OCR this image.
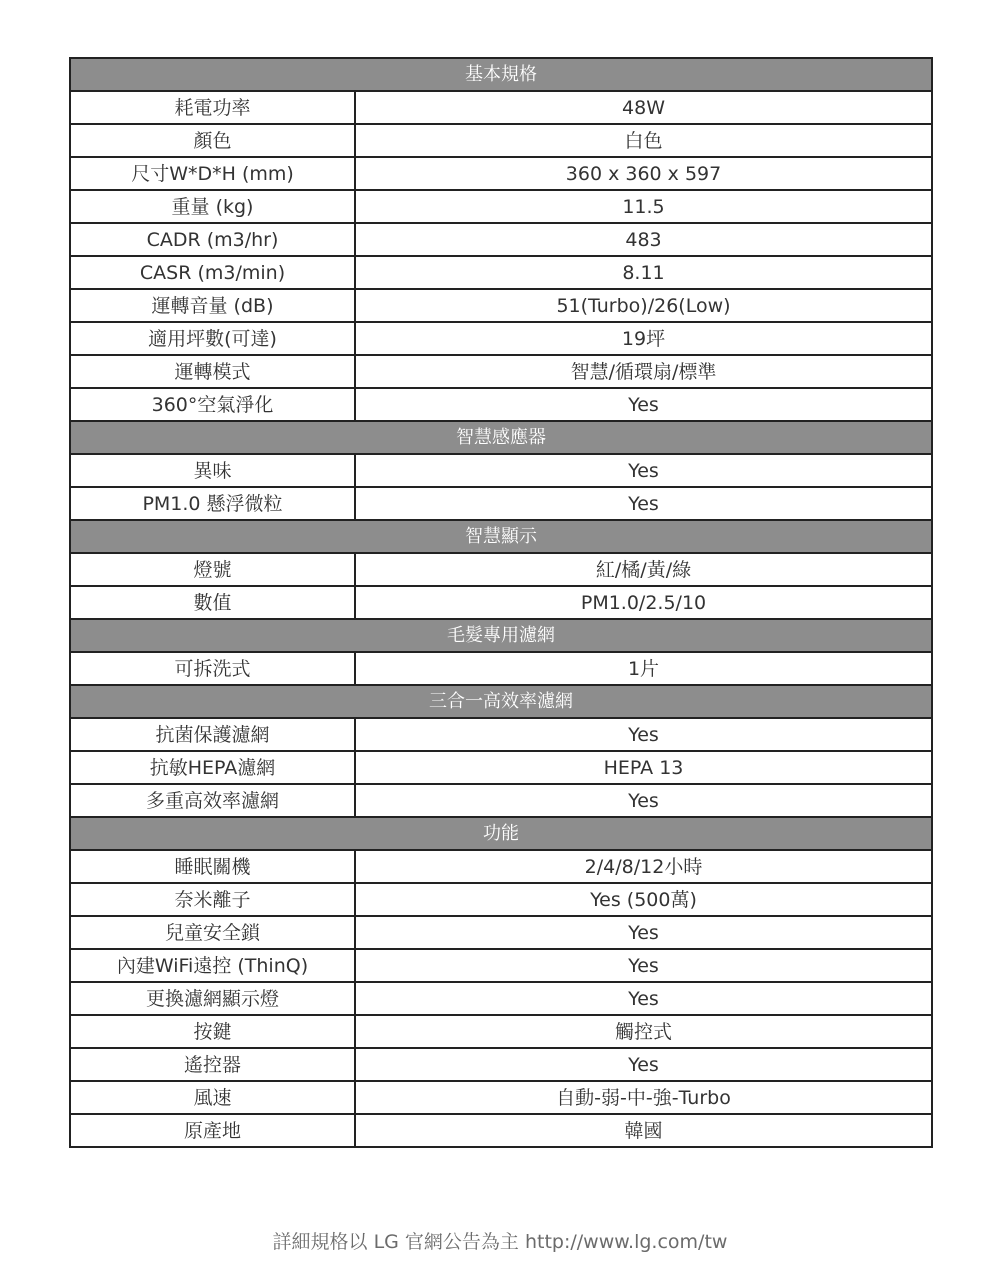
基本規格	
耗電功率	48W
顏色	白色
尺寸W*D*H (mm)	360 x 360 x 597
重量 (kg)	11.5
CADR (m3/hr)	483
CASR (m3/min)	8.11
運轉音量 (dB)	51(Turbo)/26(Low)
適用坪數(可達)	19坪
運轉模式	智慧/循環扇/標準
360°空氣淨化	Yes
智慧感應器	
異味	Yes
PM1.0 懸浮微粒	Yes
智慧顯示	
燈號	紅/橘/黃/綠
數值	PM1.0/2.5/10
毛髮專用濾網	
可拆洗式	1片
三合一高效率濾網	
抗菌保護濾網	Yes
抗敏HEPA濾網	HEPA 13
多重高效率濾網	Yes
功能	
睡眠關機	2/4/8/12小時
奈米離子	Yes (500萬)
兒童安全鎖	Yes
內建WiFi遠控 (ThinQ)	Yes
更換濾網顯示燈	Yes
按鍵	觸控式
遙控器	Yes
風速	自動-弱-中-強-Turbo
原產地	韓國
詳細規格以 LG 官網公告為主 http://www.lg.com/tw
